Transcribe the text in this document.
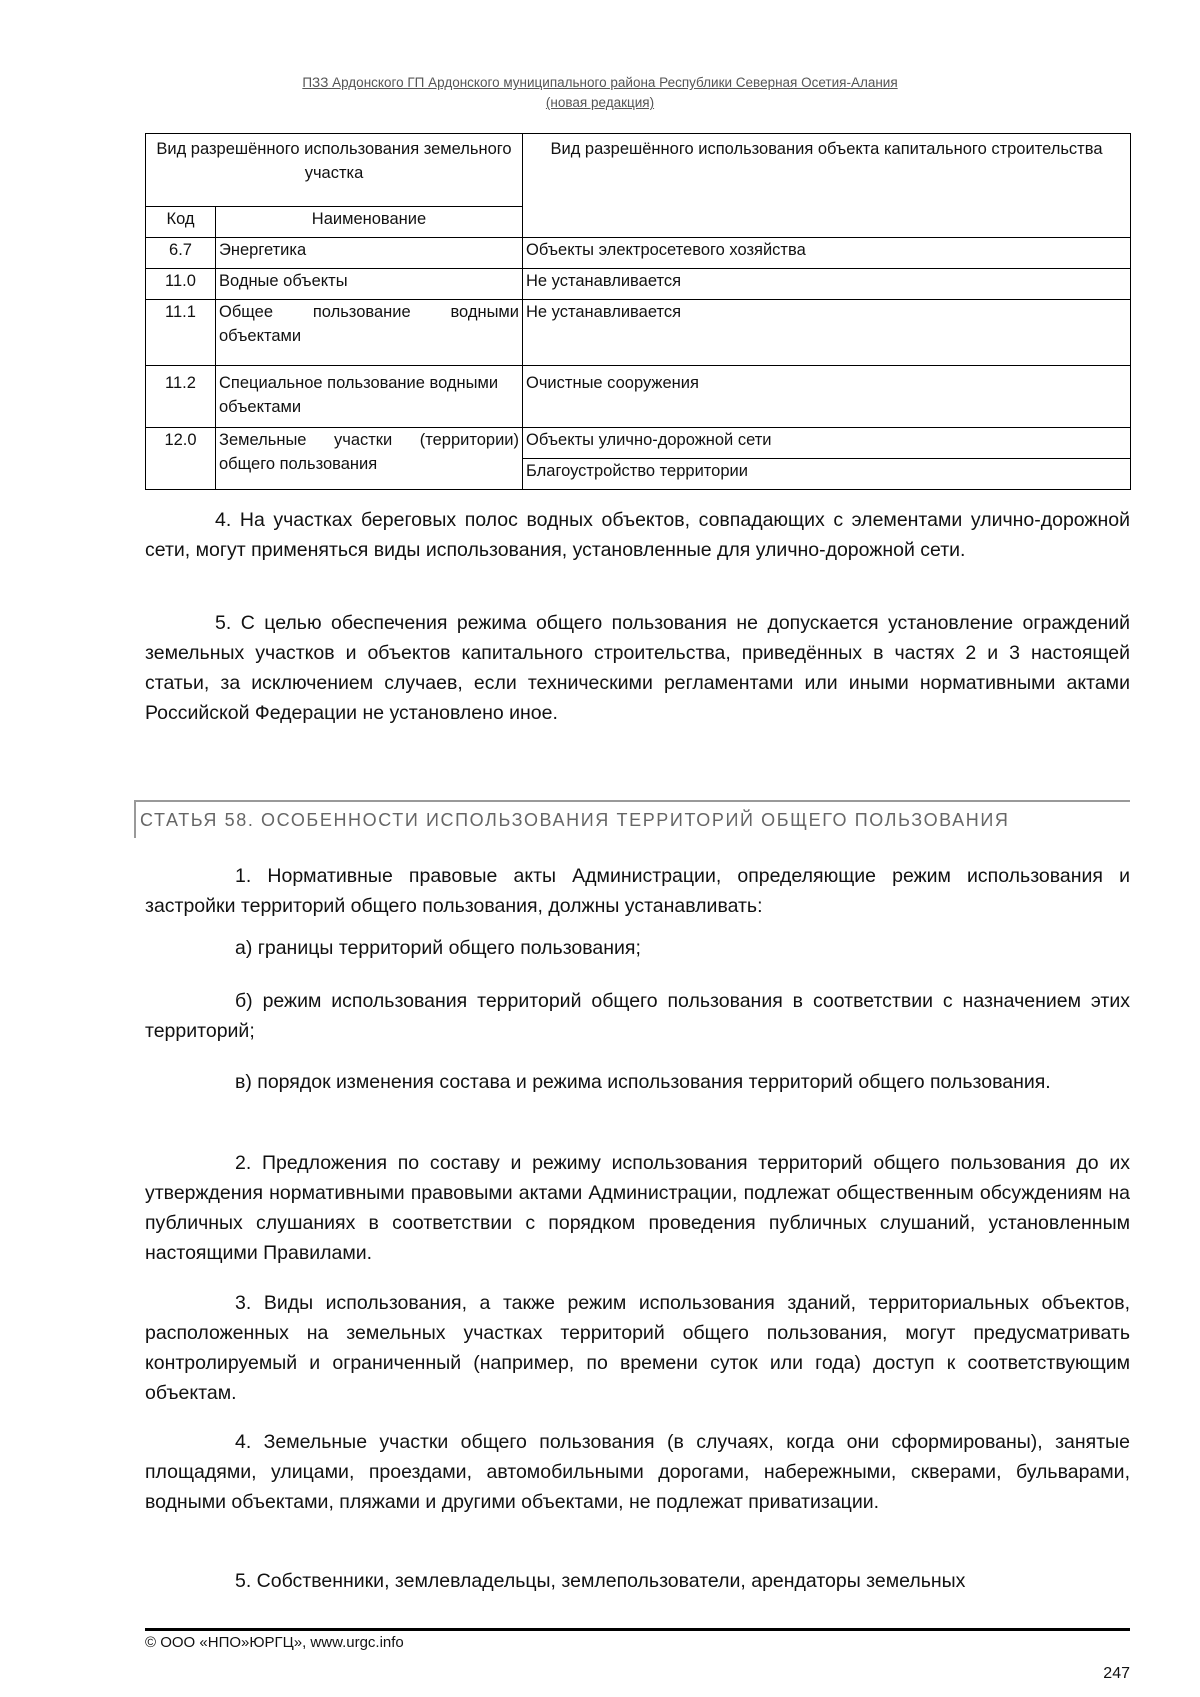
ПЗЗ Ардонского ГП Ардонского муниципального района Республики Северная Осетия-Алания
(новая редакция)
Вид разрешённого использования земельного участка		Вид разрешённого использования объекта капитального строительства
Код	Наименование	
6.7	Энергетика	Объекты электросетевого хозяйства
11.0	Водные объекты	Не устанавливается
11.1	Общее пользование водными объектами	Не устанавливается
11.2	Специальное пользование водными объектами	Очистные сооружения
12.0	Земельные участки (территории) общего пользования	Объекты улично-дорожной сети
		Благоустройство территории

4. На участках береговых полос водных объектов, совпадающих с элементами улично-дорожной сети, могут применяться виды использования, установленные для улично-дорожной сети.

5. С целью обеспечения режима общего пользования не допускается установление ограждений земельных участков и объектов капитального строительства, приведённых в частях 2 и 3 настоящей статьи, за исключением случаев, если техническими регламентами или иными нормативными актами Российской Федерации не установлено иное.

СТАТЬЯ 58. ОСОБЕННОСТИ ИСПОЛЬЗОВАНИЯ ТЕРРИТОРИЙ ОБЩЕГО ПОЛЬЗОВАНИЯ

1. Нормативные правовые акты Администрации, определяющие режим использования и застройки территорий общего пользования, должны устанавливать:

а) границы территорий общего пользования;

б) режим использования территорий общего пользования в соответствии с назначением этих территорий;

в) порядок изменения состава и режима использования территорий общего пользования.

2. Предложения по составу и режиму использования территорий общего пользования до их утверждения нормативными правовыми актами Администрации, подлежат общественным обсуждениям на публичных слушаниях в соответствии с порядком проведения публичных слушаний, установленным настоящими Правилами.

3. Виды использования, а также режим использования зданий, территориальных объектов, расположенных на земельных участках территорий общего пользования, могут предусматривать контролируемый и ограниченный (например, по времени суток или года) доступ к соответствующим объектам.

4. Земельные участки общего пользования (в случаях, когда они сформированы), занятые площадями, улицами, проездами, автомобильными дорогами, набережными, скверами, бульварами, водными объектами, пляжами и другими объектами, не подлежат приватизации.

5. Собственники, землевладельцы, землепользователи, арендаторы земельных

© ООО «НПО»ЮРГЦ», www.urgc.info
247
